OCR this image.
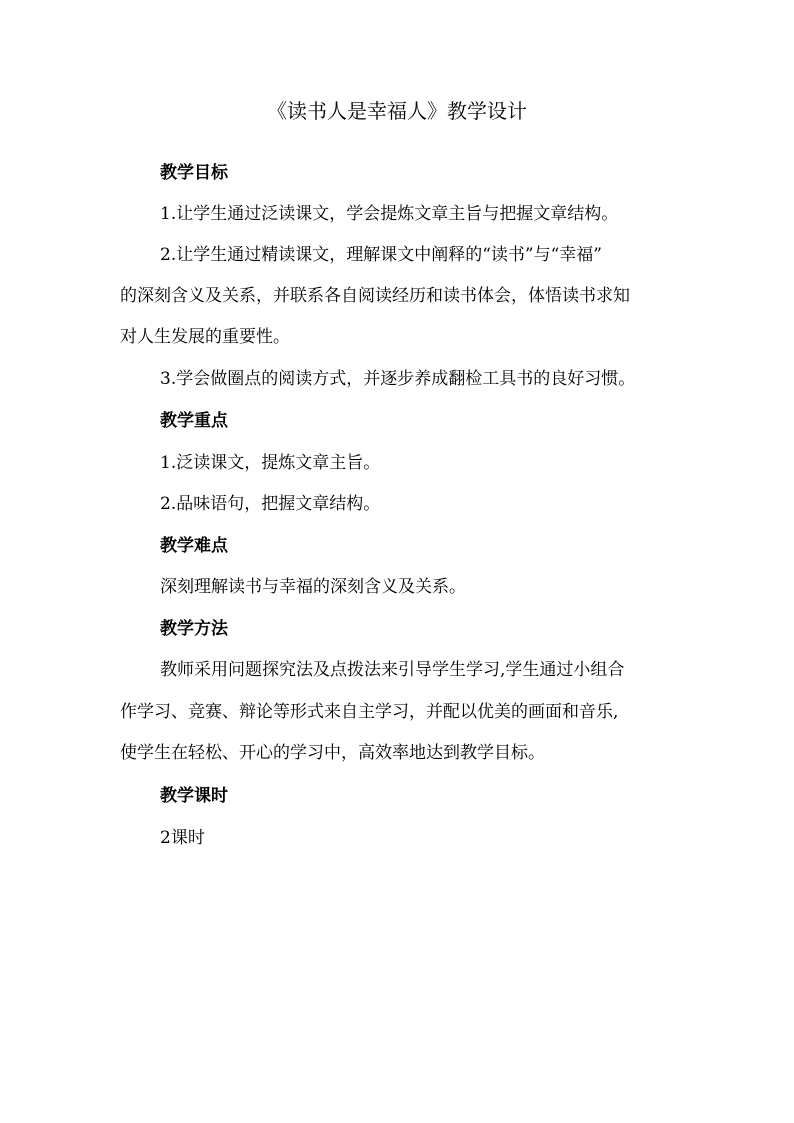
《读书人是幸福人》教学设计
教学目标
1.让学生通过泛读课文，学会提炼文章主旨与把握文章结构。
2.让学生通过精读课文，理解课文中阐释的“读书”与“幸福”
的深刻含义及关系，并联系各自阅读经历和读书体会，体悟读书求知
对人生发展的重要性。
3.学会做圈点的阅读方式，并逐步养成翻检工具书的良好习惯。
教学重点
1.泛读课文，提炼文章主旨。
2.品味语句，把握文章结构。
教学难点
深刻理解读书与幸福的深刻含义及关系。
教学方法
教师采用问题探究法及点拨法来引导学生学习,学生通过小组合
作学习、竞赛、辩论等形式来自主学习，并配以优美的画面和音乐,
使学生在轻松、开心的学习中，高效率地达到教学目标。
教学课时
2课时
